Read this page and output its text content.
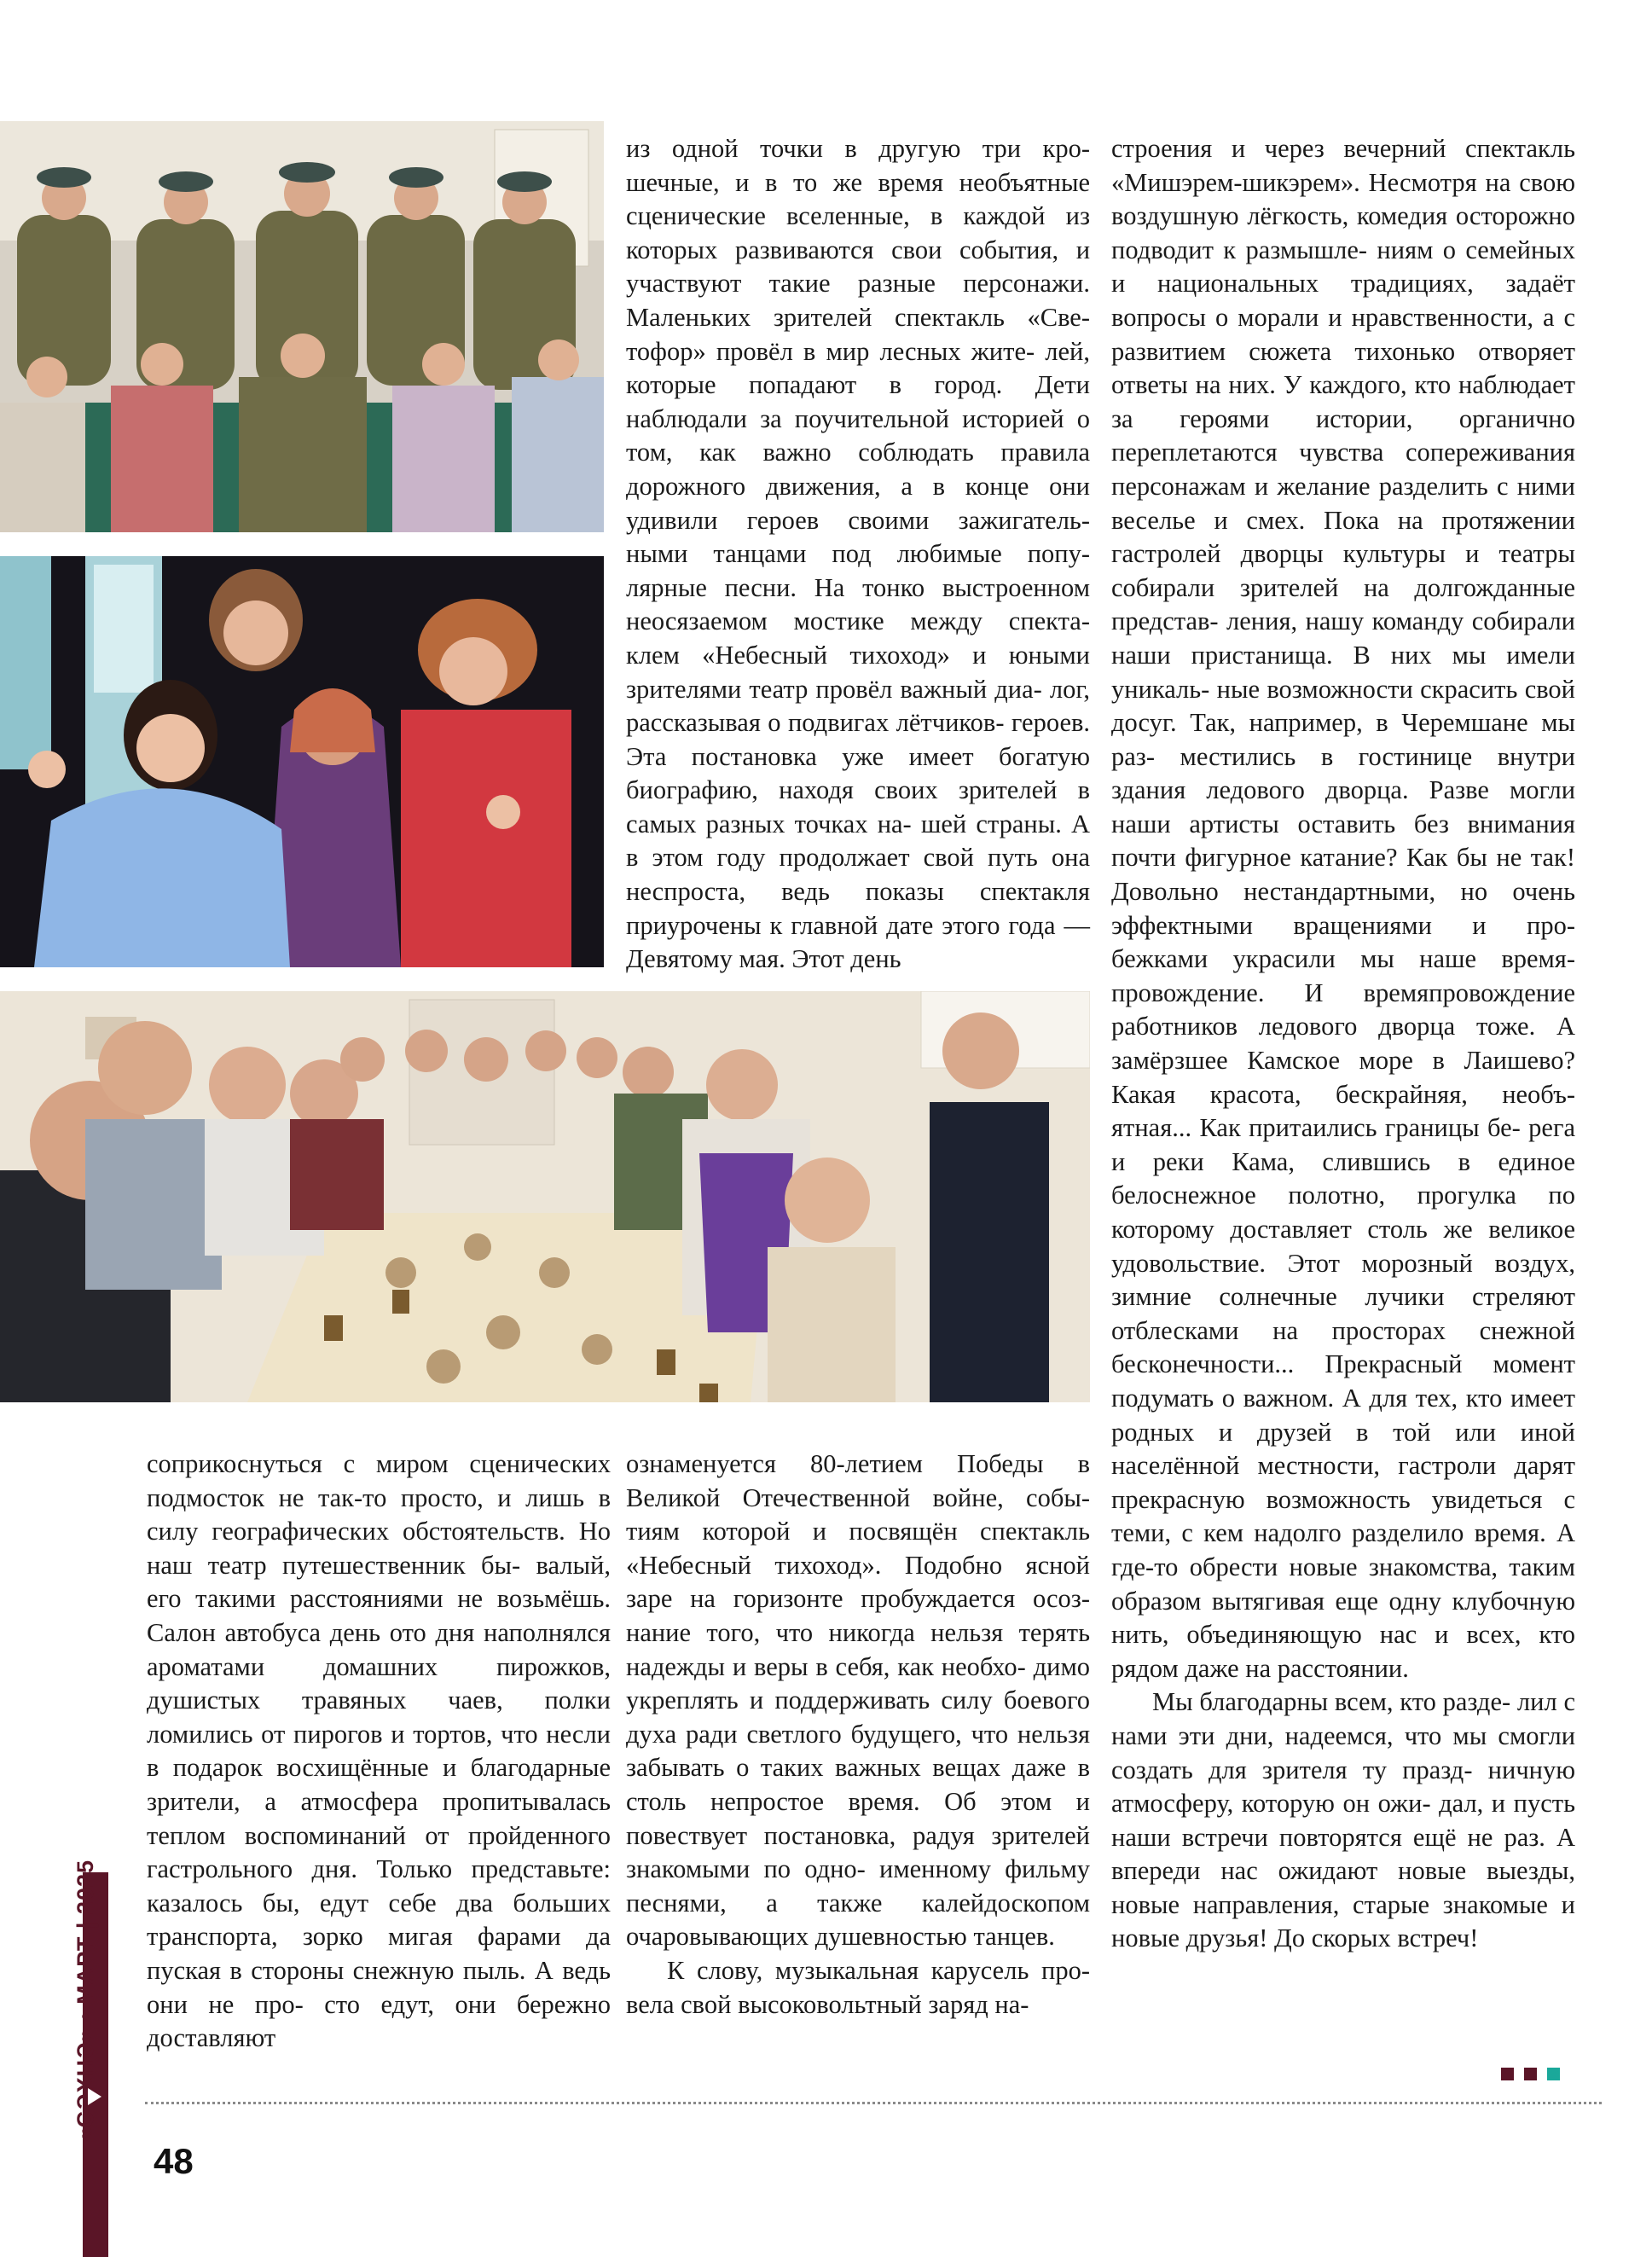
из одной точки в другую три кро- шечные, и в то же время необъятные сценические вселенные, в каждой из которых развиваются свои события, и участвуют такие разные персонажи. Маленьких зрителей спектакль «Све- тофор» провёл в мир лесных жите- лей, которые попадают в город. Дети наблюдали за поучительной историей о том, как важно соблюдать правила дорожного движения, а в конце они удивили героев своими зажигатель- ными танцами под любимые попу- лярные песни. На тонко выстроенном неосязаемом мостике между спекта- клем «Небесный тихоход» и юными зрителями театр провёл важный диа- лог, рассказывая о подвигах лётчиков- героев. Эта постановка уже имеет богатую биографию, находя своих зрителей в самых разных точках на- шей страны. А в этом году продолжает свой путь она неспроста, ведь показы спектакля приурочены к главной дате этого года — Девятому мая. Этот день

строения и через вечерний спектакль «Мишэрем-шикэрем». Несмотря на свою воздушную лёгкость, комедия осторожно подводит к размышле- ниям о семейных и национальных традициях, задаёт вопросы о морали и нравственности, а с развитием сюжета тихонько отворяет ответы на них. У каждого, кто наблюдает за героями истории, органично переплетаются чувства сопереживания персонажам и желание разделить с ними веселье и смех. Пока на протяжении гастролей дворцы культуры и театры собирали зрителей на долгожданные представ- ления, нашу команду собирали наши пристанища. В них мы имели уникаль- ные возможности скрасить свой досуг. Так, например, в Черемшане мы раз- местились в гостинице внутри здания ледового дворца. Разве могли наши артисты оставить без внимания почти фигурное катание? Как бы не так! Довольно нестандартными, но очень эффектными вращениями и про- бежками украсили мы наше время- провождение. И времяпровождение работников ледового дворца тоже. А замёрзшее Камское море в Лаишево? Какая красота, бескрайняя, необъ- ятная... Как притаились границы бе- рега и реки Кама, слившись в единое белоснежное полотно, прогулка по которому доставляет столь же великое удовольствие. Этот морозный воздух, зимние солнечные лучики стреляют отблесками на просторах снежной бесконечности... Прекрасный момент подумать о важном. А для тех, кто имеет родных и друзей в той или иной населённой местности, гастроли дарят прекрасную возможность увидеться с теми, с кем надолго разделило время. А где-то обрести новые знакомства, таким образом вытягивая еще одну клубочную нить, объединяющую нас и всех, кто рядом даже на расстоянии.

Мы благодарны всем, кто разде- лил с нами эти дни, надеемся, что мы смогли создать для зрителя ту празд- ничную атмосферу, которую он ожи- дал, и пусть наши встречи повторятся ещё не раз. А впереди нас ожидают новые выезды, новые направления, старые знакомые и новые друзья! До скорых встреч!

соприкоснуться с миром сценических подмосток не так-то просто, и лишь в силу географических обстоятельств. Но наш театр путешественник бы- валый, его такими расстояниями не возьмёшь. Салон автобуса день ото дня наполнялся ароматами домашних пирожков, душистых травяных чаев, полки ломились от пирогов и тортов, что несли в подарок восхищённые и благодарные зрители, а атмосфера пропитывалась теплом воспоминаний от пройденного гастрольного дня. Только представьте: казалось бы, едут себе два больших транспорта, зорко мигая фарами да пуская в стороны снежную пыль. А ведь они не про- сто едут, они бережно доставляют

ознаменуется 80-летием Победы в Великой Отечественной войне, собы- тиям которой и посвящён спектакль «Небесный тихоход». Подобно ясной заре на горизонте пробуждается осоз- нание того, что никогда нельзя терять надежды и веры в себя, как необхо- димо укреплять и поддерживать силу боевого духа ради светлого будущего, что нельзя забывать о таких важных вещах даже в столь непростое время. Об этом и повествует постановка, радуя зрителей знакомыми по одно- именному фильму песнями, а также калейдоскопом очаровывающих душевностью танцев.

К слову, музыкальная карусель про- вела свой высоковольтный заряд на-

«СӘХНӘ» • МАРТ | 2025
48
